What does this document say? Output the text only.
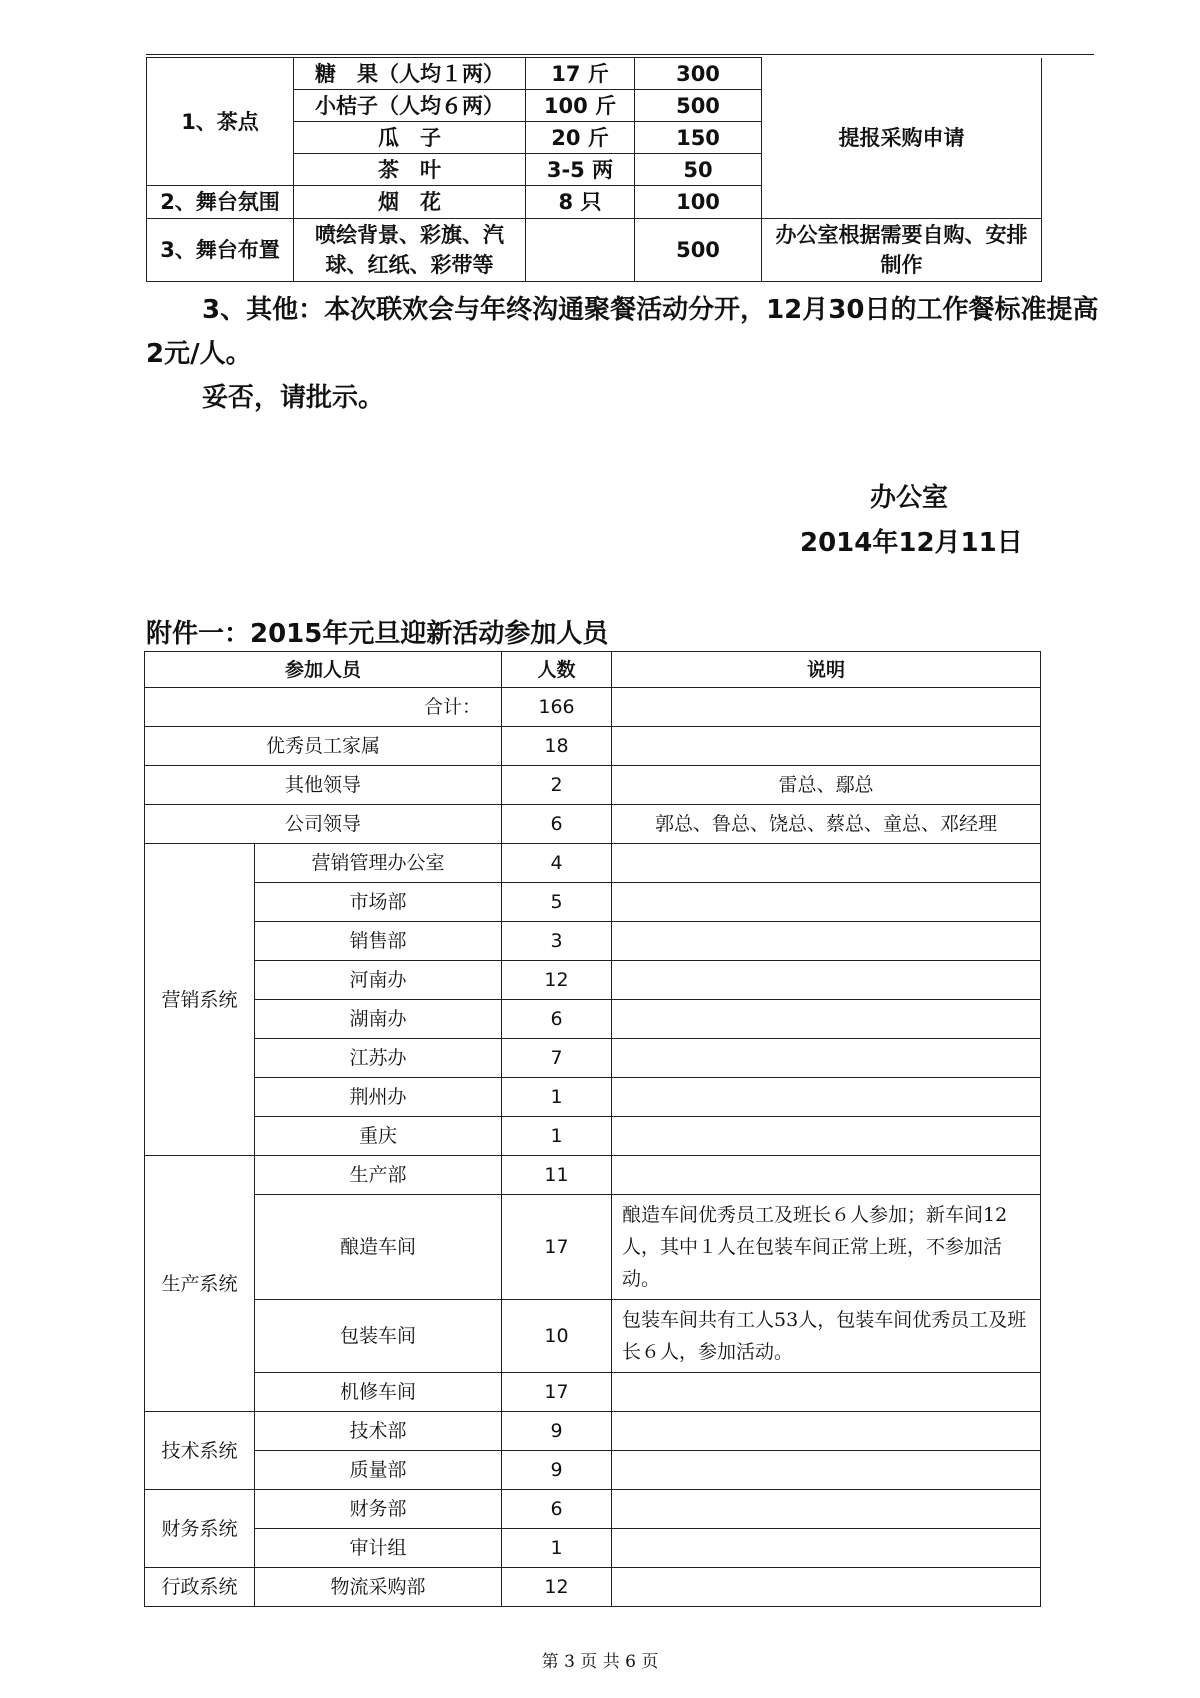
1、茶点	糖　果（人均１两）	17 斤	300	提报采购申请
	小桔子（人均６两）	100 斤	500	
	瓜　子	20 斤	150	
	茶　叶	3-5 两	50	
2、舞台氛围	烟　花	8 只	100	
3、舞台布置	喷绘背景、彩旗、汽球、红纸、彩带等		500	办公室根据需要自购、安排制作

3、其他：本次联欢会与年终沟通聚餐活动分开，12月30日的工作餐标准提高2元/人。

妥否，请批示。

办公室

2014年12月11日

附件一：2015年元旦迎新活动参加人员

参加人员		人数	说明
合计：		166	
优秀员工家属		18	
其他领导		2	雷总、鄢总
公司领导		6	郭总、鲁总、饶总、蔡总、童总、邓经理
营销系统	营销管理办公室	4	
	市场部	5	
	销售部	3	
	河南办	12	
	湖南办	6	
	江苏办	7	
	荆州办	1	
	重庆	1	
生产系统	生产部	11	
	酿造车间	17	酿造车间优秀员工及班长６人参加；新车间12人，其中１人在包装车间正常上班，不参加活动。
	包装车间	10	包装车间共有工人53人，包装车间优秀员工及班长６人，参加活动。
	机修车间	17	
技术系统	技术部	9	
	质量部	9	
财务系统	财务部	6	
	审计组	1	
行政系统	物流采购部	12	
第 3 页 共 6 页
